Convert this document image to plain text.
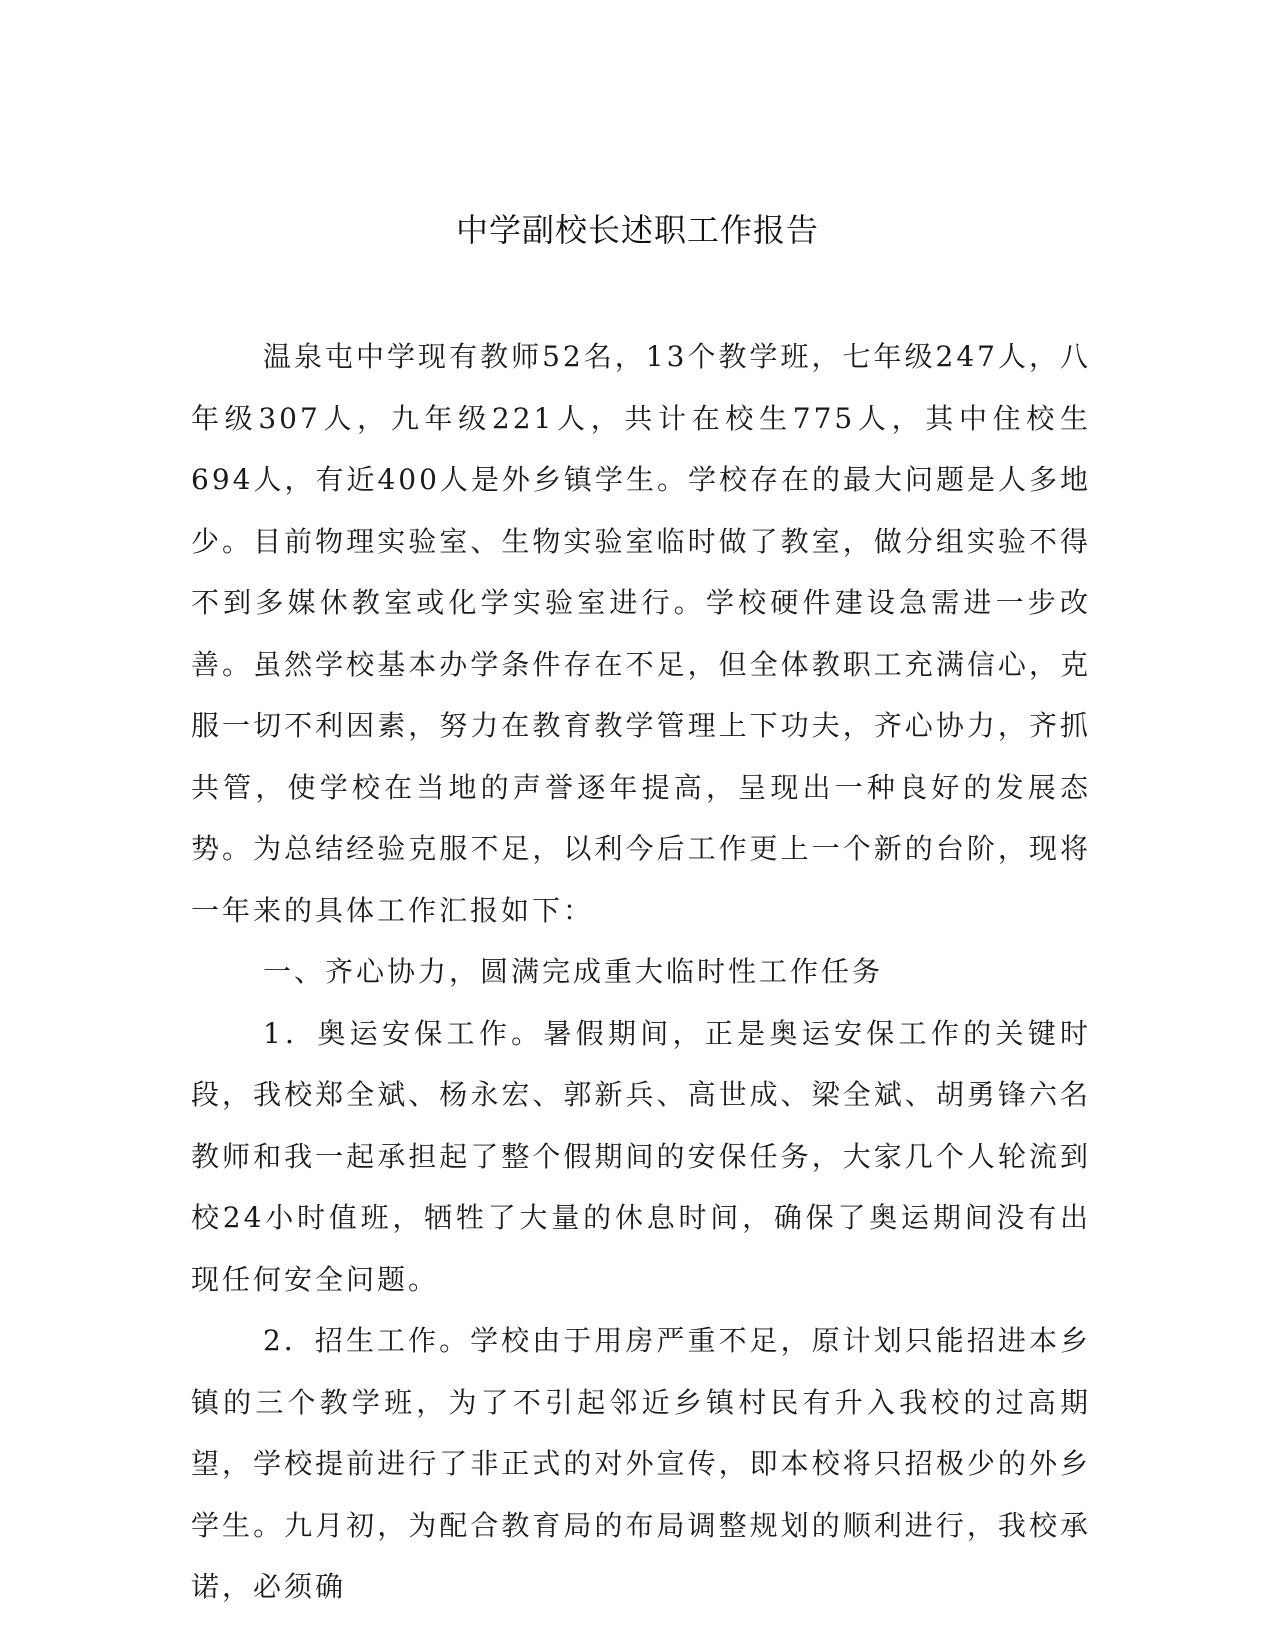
中学副校长述职工作报告

温泉屯中学现有教师52名，13个教学班，七年级247人，八年级307人，九年级221人，共计在校生775人，其中住校生694人，有近400人是外乡镇学生。学校存在的最大问题是人多地少。目前物理实验室、生物实验室临时做了教室，做分组实验不得不到多媒休教室或化学实验室进行。学校硬件建设急需进一步改善。虽然学校基本办学条件存在不足，但全体教职工充满信心，克服一切不利因素，努力在教育教学管理上下功夫，齐心协力，齐抓共管，使学校在当地的声誉逐年提高，呈现出一种良好的发展态势。为总结经验克服不足，以利今后工作更上一个新的台阶，现将一年来的具体工作汇报如下：

一、齐心协力，圆满完成重大临时性工作任务

1．奥运安保工作。暑假期间，正是奥运安保工作的关键时段，我校郑全斌、杨永宏、郭新兵、高世成、梁全斌、胡勇锋六名教师和我一起承担起了整个假期间的安保任务，大家几个人轮流到校24小时值班，牺牲了大量的休息时间，确保了奥运期间没有出现任何安全问题。

2．招生工作。学校由于用房严重不足，原计划只能招进本乡镇的三个教学班，为了不引起邻近乡镇村民有升入我校的过高期望，学校提前进行了非正式的对外宣传，即本校将只招极少的外乡学生。九月初，为配合教育局的布局调整规划的顺利进行，我校承诺，必须确
